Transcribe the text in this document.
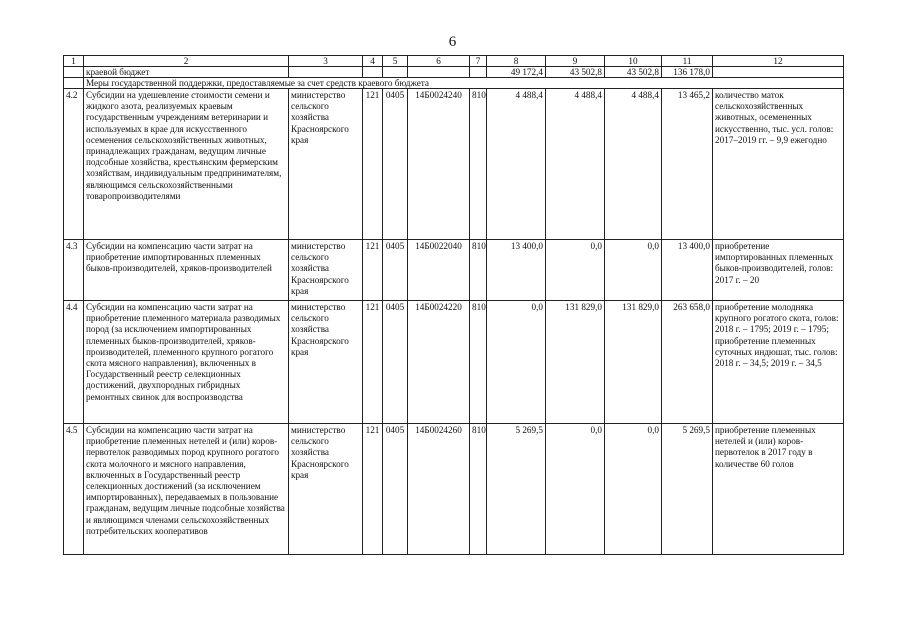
6
1	2	3	4	5	6	7	8	9	10	11	12
	краевой бюджет						49 172,4	43 502,8	43 502,8	136 178,0	
	Меры государственной поддержки, предоставляемые за счет средств краевого бюджета										
4.2	Субсидии на удешевление стоимости семени и жидкого азота, реализуемых краевым государственным учреждениям ветеринарии и используемых в крае для искусственного осеменения сельскохозяйственных животных, принадлежащих гражданам, ведущим личные подсобные хозяйства, крестьянским фермерским хозяйствам, индивидуальным предпринимателям, являющимся сельскохозяйственными товаропроизводителями	министерство сельского хозяйства Красноярского края	121	0405	14Б0024240	810	4 488,4	4 488,4	4 488,4	13 465,2	количество маток сельскохозяйственных животных, осемененных искусственно, тыс. усл. голов: 2017–2019 гг. – 9,9 ежегодно
4.3	Субсидии на компенсацию части затрат на приобретение импортированных племенных быков-производителей, хряков-производителей	министерство сельского хозяйства Красноярского края	121	0405	14Б0022040	810	13 400,0	0,0	0,0	13 400,0	приобретение импортированных племенных быков-производителей, голов: 2017 г. – 20
4.4	Субсидии на компенсацию части затрат на приобретение племенного материала разводимых пород (за исключением импортированных племенных быков-производителей, хряков-производителей, племенного крупного рогатого скота мясного направления), включенных в Государственный реестр селекционных достижений, двухпородных гибридных ремонтных свинок для воспроизводства	министерство сельского хозяйства Красноярского края	121	0405	14Б0024220	810	0,0	131 829,0	131 829,0	263 658,0	приобретение молодняка крупного рогатого скота, голов: 2018 г. – 1795; 2019 г. – 1795; приобретение племенных суточных индюшат, тыс. голов: 2018 г. – 34,5; 2019 г. – 34,5
4.5	Субсидии на компенсацию части затрат на приобретение племенных нетелей и (или) коров-первотелок разводимых пород крупного рогатого скота молочного и мясного направления, включенных в Государственный реестр селекционных достижений (за исключением импортированных), передаваемых в пользование гражданам, ведущим личные подсобные хозяйства и являющимся членами сельскохозяйственных потребительских кооперативов	министерство сельского хозяйства Красноярского края	121	0405	14Б0024260	810	5 269,5	0,0	0,0	5 269,5	приобретение племенных нетелей и (или) коров-первотелок в 2017 году в количестве 60 голов
